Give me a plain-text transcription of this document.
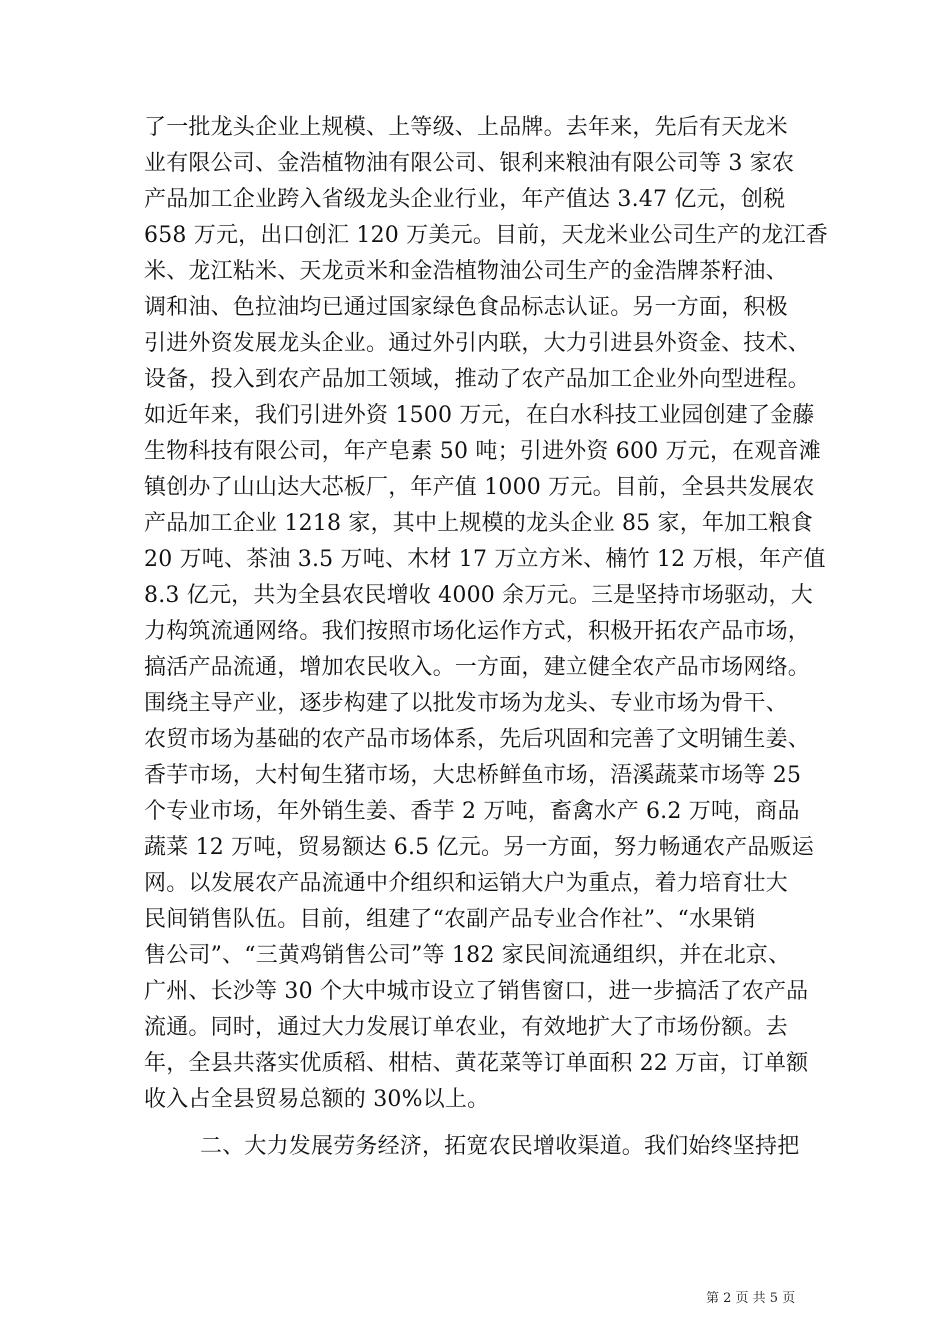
了一批龙头企业上规模、上等级、上品牌。去年来，先后有天龙米
业有限公司、金浩植物油有限公司、银利来粮油有限公司等 3 家农
产品加工企业跨入省级龙头企业行业，年产值达 3.47 亿元，创税
658 万元，出口创汇 120 万美元。目前，天龙米业公司生产的龙江香
米、龙江粘米、天龙贡米和金浩植物油公司生产的金浩牌茶籽油、
调和油、色拉油均已通过国家绿色食品标志认证。另一方面，积极
引进外资发展龙头企业。通过外引内联，大力引进县外资金、技术、
设备，投入到农产品加工领域，推动了农产品加工企业外向型进程。
如近年来，我们引进外资 1500 万元，在白水科技工业园创建了金藤
生物科技有限公司，年产皂素 50 吨；引进外资 600 万元，在观音滩
镇创办了山山达大芯板厂，年产值 1000 万元。目前，全县共发展农
产品加工企业 1218 家，其中上规模的龙头企业 85 家，年加工粮食
20 万吨、茶油 3.5 万吨、木材 17 万立方米、楠竹 12 万根，年产值
8.3 亿元，共为全县农民增收 4000 余万元。三是坚持市场驱动，大
力构筑流通网络。我们按照市场化运作方式，积极开拓农产品市场，
搞活产品流通，增加农民收入。一方面，建立健全农产品市场网络。
围绕主导产业，逐步构建了以批发市场为龙头、专业市场为骨干、
农贸市场为基础的农产品市场体系，先后巩固和完善了文明铺生姜、
香芋市场，大村甸生猪市场，大忠桥鲜鱼市场，浯溪蔬菜市场等 25
个专业市场，年外销生姜、香芋 2 万吨，畜禽水产 6.2 万吨，商品
蔬菜 12 万吨，贸易额达 6.5 亿元。另一方面，努力畅通农产品贩运
网。以发展农产品流通中介组织和运销大户为重点，着力培育壮大
民间销售队伍。目前，组建了“农副产品专业合作社”、“水果销
售公司”、“三黄鸡销售公司”等 182 家民间流通组织，并在北京、
广州、长沙等 30 个大中城市设立了销售窗口，进一步搞活了农产品
流通。同时，通过大力发展订单农业，有效地扩大了市场份额。去
年，全县共落实优质稻、柑桔、黄花菜等订单面积 22 万亩，订单额
收入占全县贸易总额的 30%以上。
二、大力发展劳务经济，拓宽农民增收渠道。我们始终坚持把
第 2 页 共 5 页
